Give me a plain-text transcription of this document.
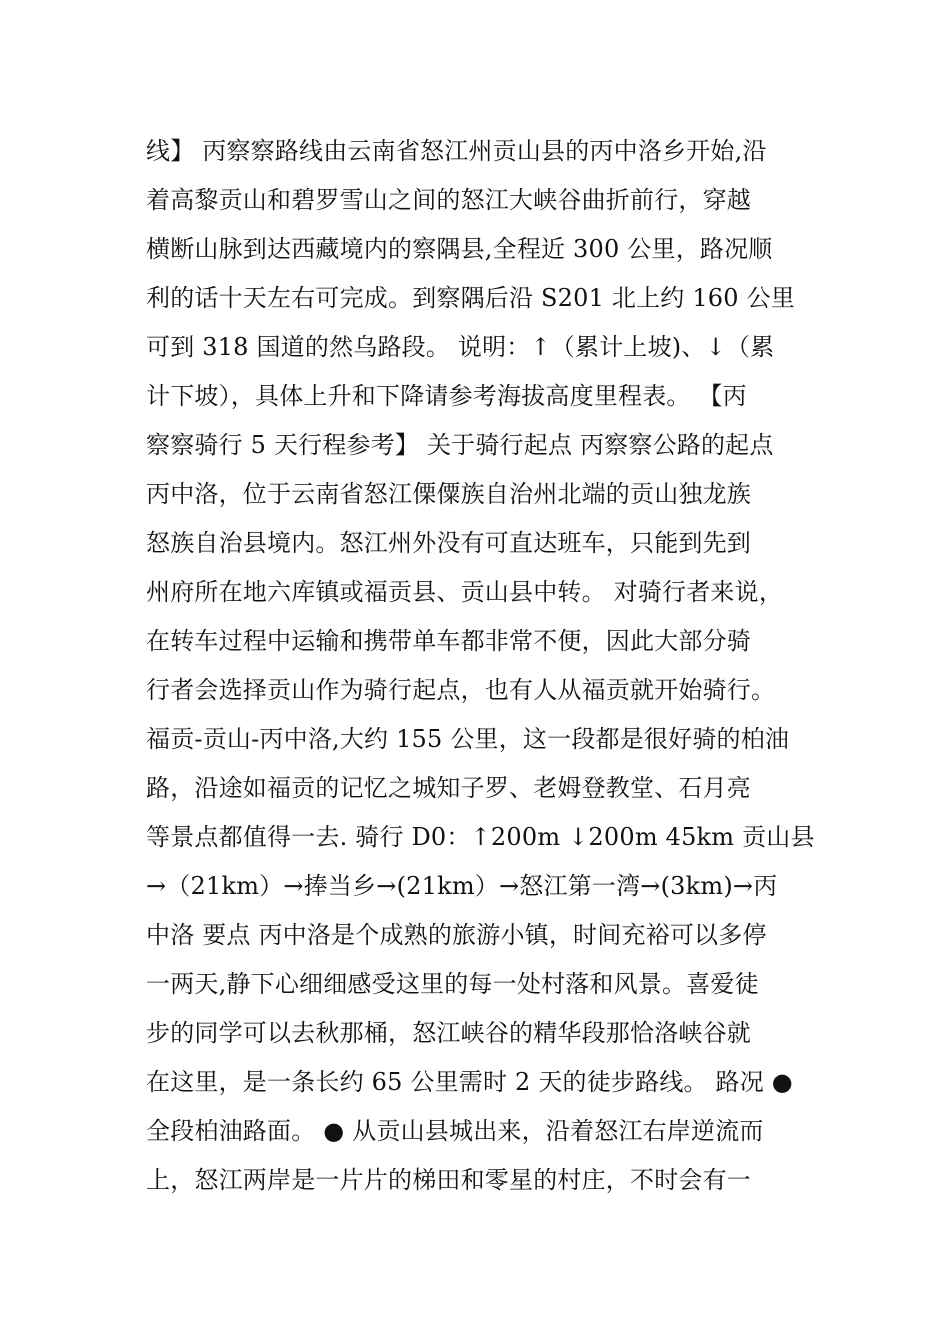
线】 丙察察路线由云南省怒江州贡山县的丙中洛乡开始,沿
着高黎贡山和碧罗雪山之间的怒江大峡谷曲折前行，穿越
横断山脉到达西藏境内的察隅县,全程近 300 公里，路况顺
利的话十天左右可完成。到察隅后沿 S201 北上约 160 公里
可到 318 国道的然乌路段。 说明：↑（累计上坡)、↓（累
计下坡），具体上升和下降请参考海拔高度里程表。 【丙
察察骑行 5 天行程参考】 关于骑行起点 丙察察公路的起点
丙中洛，位于云南省怒江傈僳族自治州北端的贡山独龙族
怒族自治县境内。怒江州外没有可直达班车，只能到先到
州府所在地六库镇或福贡县、贡山县中转。 对骑行者来说，
在转车过程中运输和携带单车都非常不便，因此大部分骑
行者会选择贡山作为骑行起点，也有人从福贡就开始骑行。
福贡-贡山-丙中洛,大约 155 公里，这一段都是很好骑的柏油
路，沿途如福贡的记忆之城知子罗、老姆登教堂、石月亮
等景点都值得一去. 骑行 D0：↑200m ↓200m 45km 贡山县
→（21km）→捧当乡→(21km）→怒江第一湾→(3km)→丙
中洛 要点 丙中洛是个成熟的旅游小镇，时间充裕可以多停
一两天,静下心细细感受这里的每一处村落和风景。喜爱徒
步的同学可以去秋那桶，怒江峡谷的精华段那恰洛峡谷就
在这里，是一条长约 65 公里需时 2 天的徒步路线。 路况 ●
全段柏油路面。 ● 从贡山县城出来，沿着怒江右岸逆流而
上，怒江两岸是一片片的梯田和零星的村庄，不时会有一
